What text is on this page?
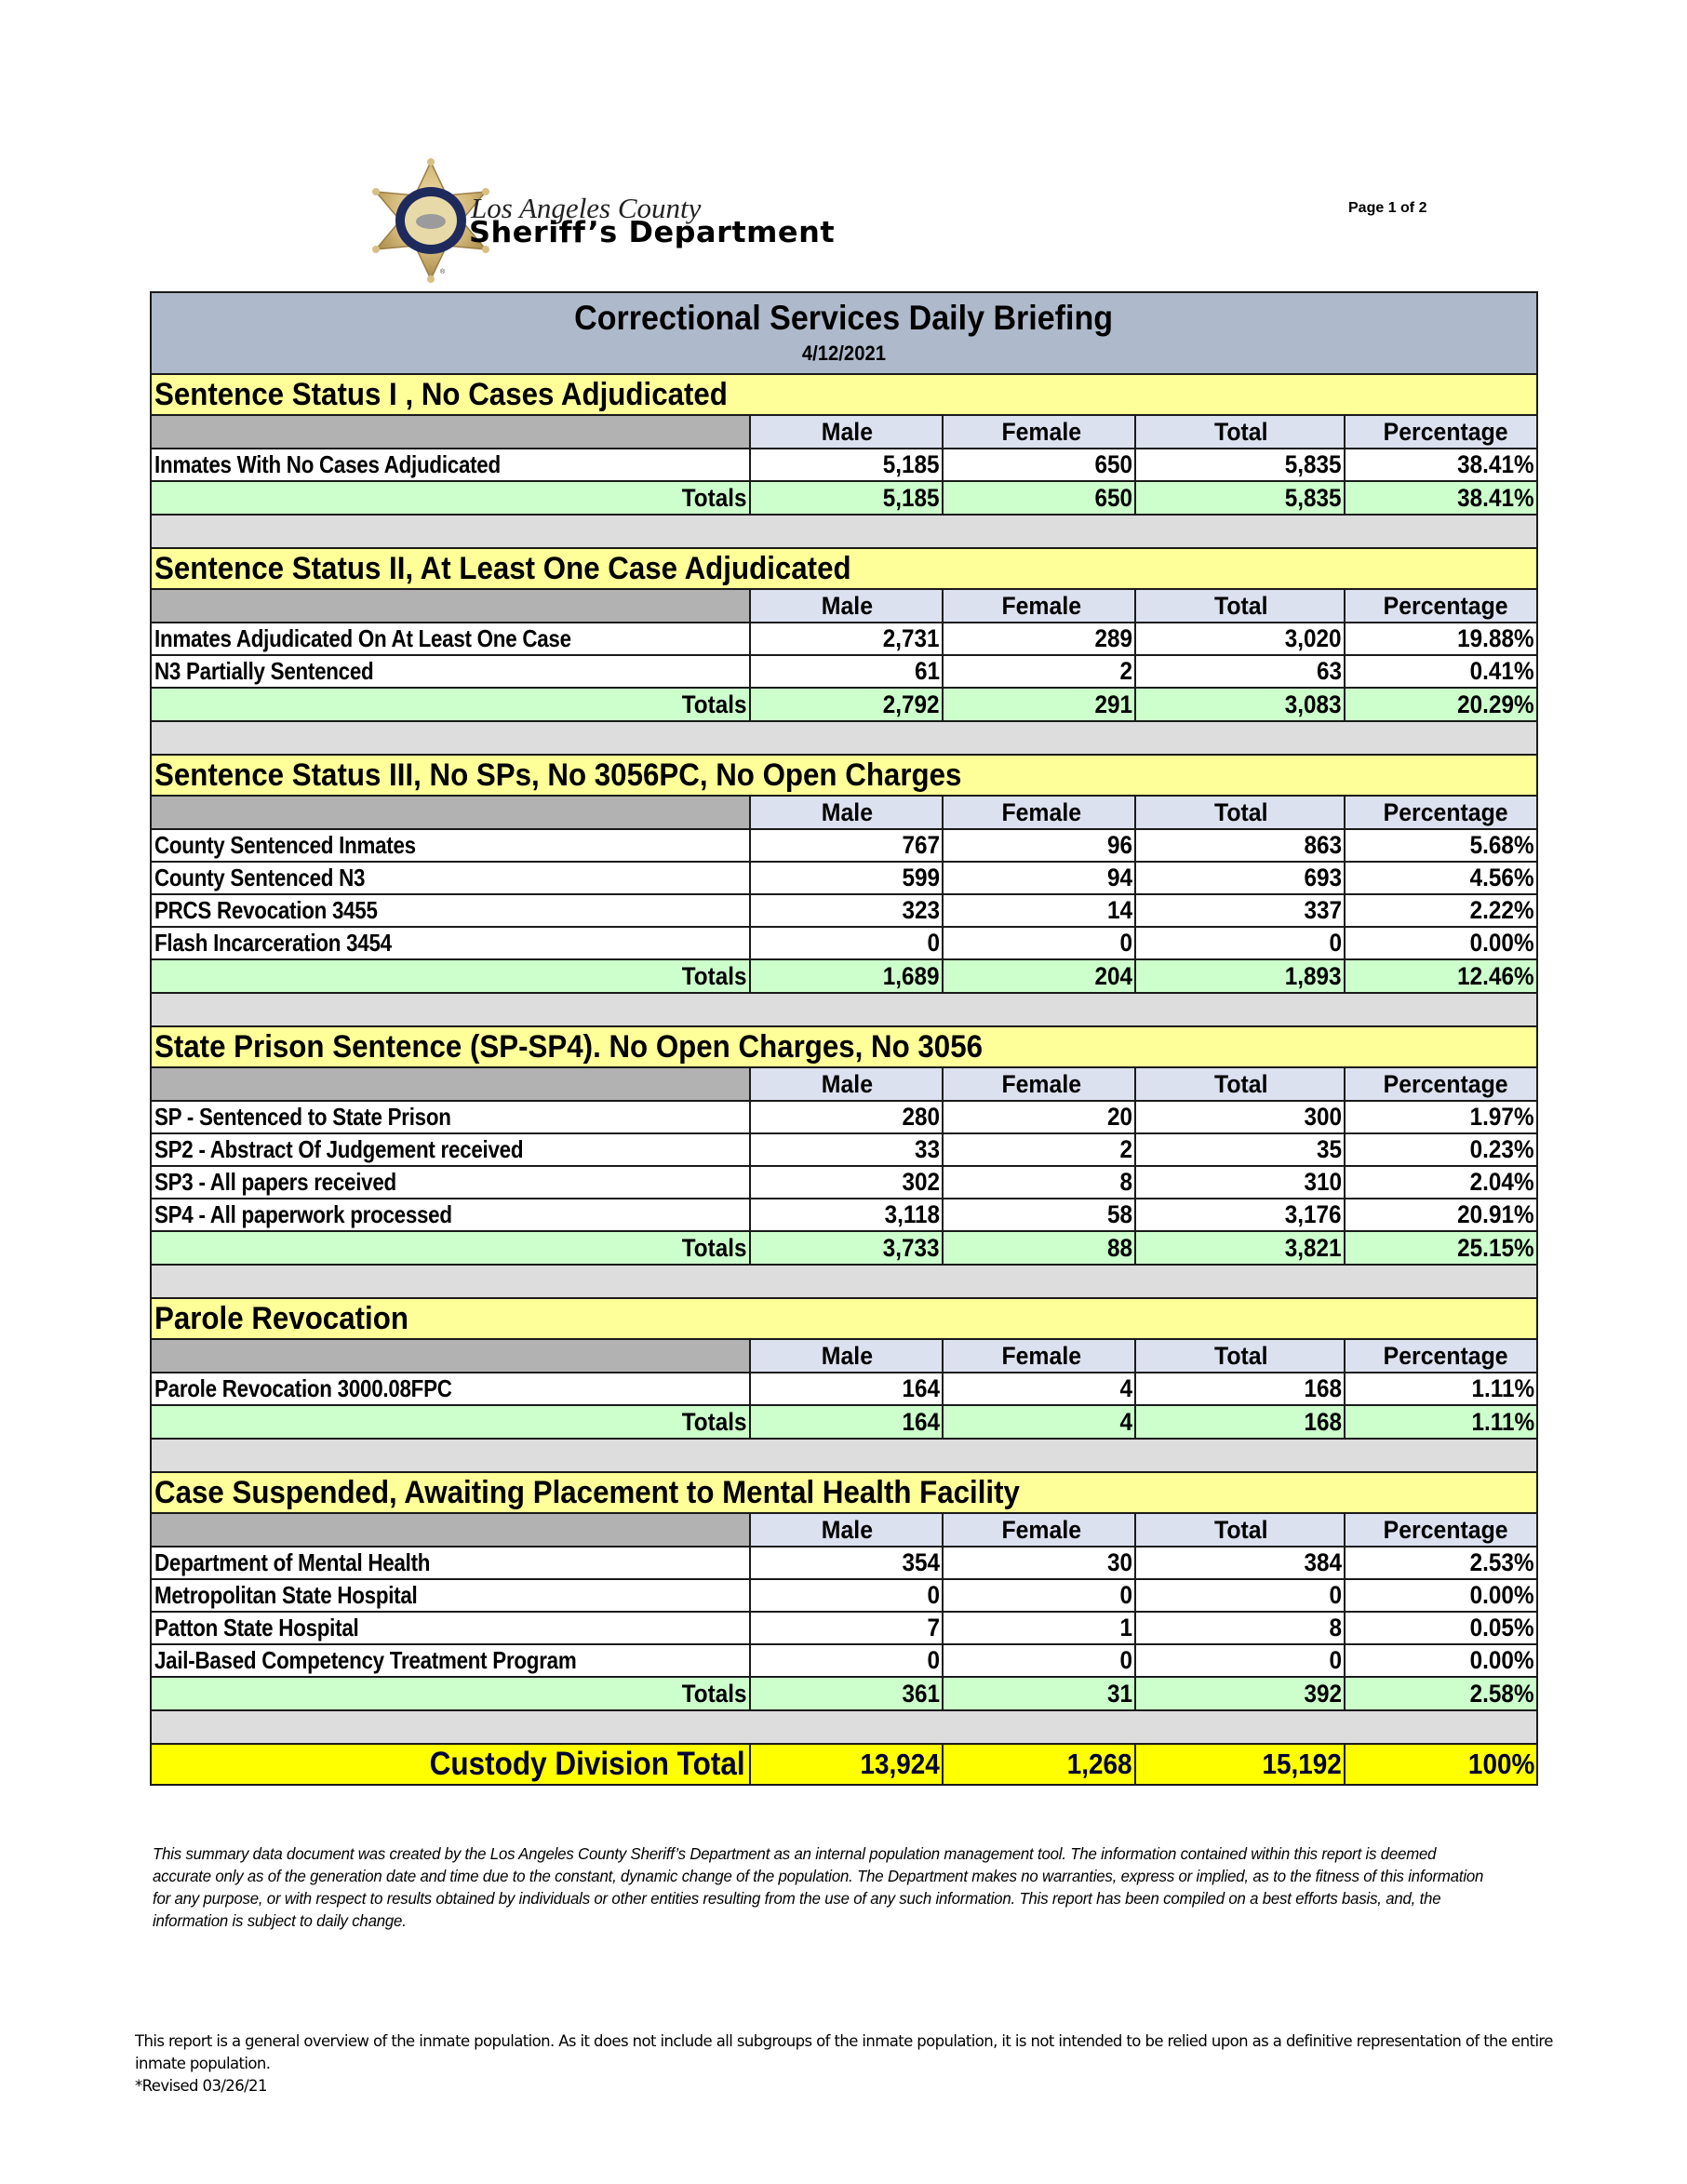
Los Angeles County
Sheriff’s Department
®
Page 1 of 2
Correctional Services Daily Briefing
4/12/2021
Sentence Status I , No Cases Adjudicated
Male	Female	Total	Percentage
Inmates With No Cases Adjudicated	5,185	650	5,835	38.41%
Totals	5,185	650	5,835	38.41%
Sentence Status II, At Least One Case Adjudicated
Male	Female	Total	Percentage
Inmates Adjudicated On At Least One Case	2,731	289	3,020	19.88%
N3 Partially Sentenced	61	2	63	0.41%
Totals	2,792	291	3,083	20.29%
Sentence Status III, No SPs, No 3056PC, No Open Charges
Male	Female	Total	Percentage
County Sentenced Inmates	767	96	863	5.68%
County Sentenced N3	599	94	693	4.56%
PRCS Revocation 3455	323	14	337	2.22%
Flash Incarceration 3454	0	0	0	0.00%
Totals	1,689	204	1,893	12.46%
State Prison Sentence (SP-SP4). No Open Charges, No 3056
Male	Female	Total	Percentage
SP - Sentenced to State Prison	280	20	300	1.97%
SP2 - Abstract Of Judgement received	33	2	35	0.23%
SP3 - All papers received	302	8	310	2.04%
SP4 - All paperwork processed	3,118	58	3,176	20.91%
Totals	3,733	88	3,821	25.15%
Parole Revocation
Male	Female	Total	Percentage
Parole Revocation 3000.08FPC	164	4	168	1.11%
Totals	164	4	168	1.11%
Case Suspended, Awaiting Placement to Mental Health Facility
Male	Female	Total	Percentage
Department of Mental Health	354	30	384	2.53%
Metropolitan State Hospital	0	0	0	0.00%
Patton State Hospital	7	1	8	0.05%
Jail-Based Competency Treatment Program	0	0	0	0.00%
Totals	361	31	392	2.58%
Custody Division Total	13,924	1,268	15,192	100%
This summary data document was created by the Los Angeles County Sheriff’s Department as an internal population management tool. The information contained within this report is deemed accurate only as of the generation date and time due to the constant, dynamic change of the population. The Department makes no warranties, express or implied, as to the fitness of this information for any purpose, or with respect to results obtained by individuals or other entities resulting from the use of any such information. This report has been compiled on a best efforts basis, and, the information is subject to daily change.

This report is a general overview of the inmate population. As it does not include all subgroups of the inmate population, it is not intended to be relied upon as a definitive representation of the entire inmate population.

*Revised 03/26/21
